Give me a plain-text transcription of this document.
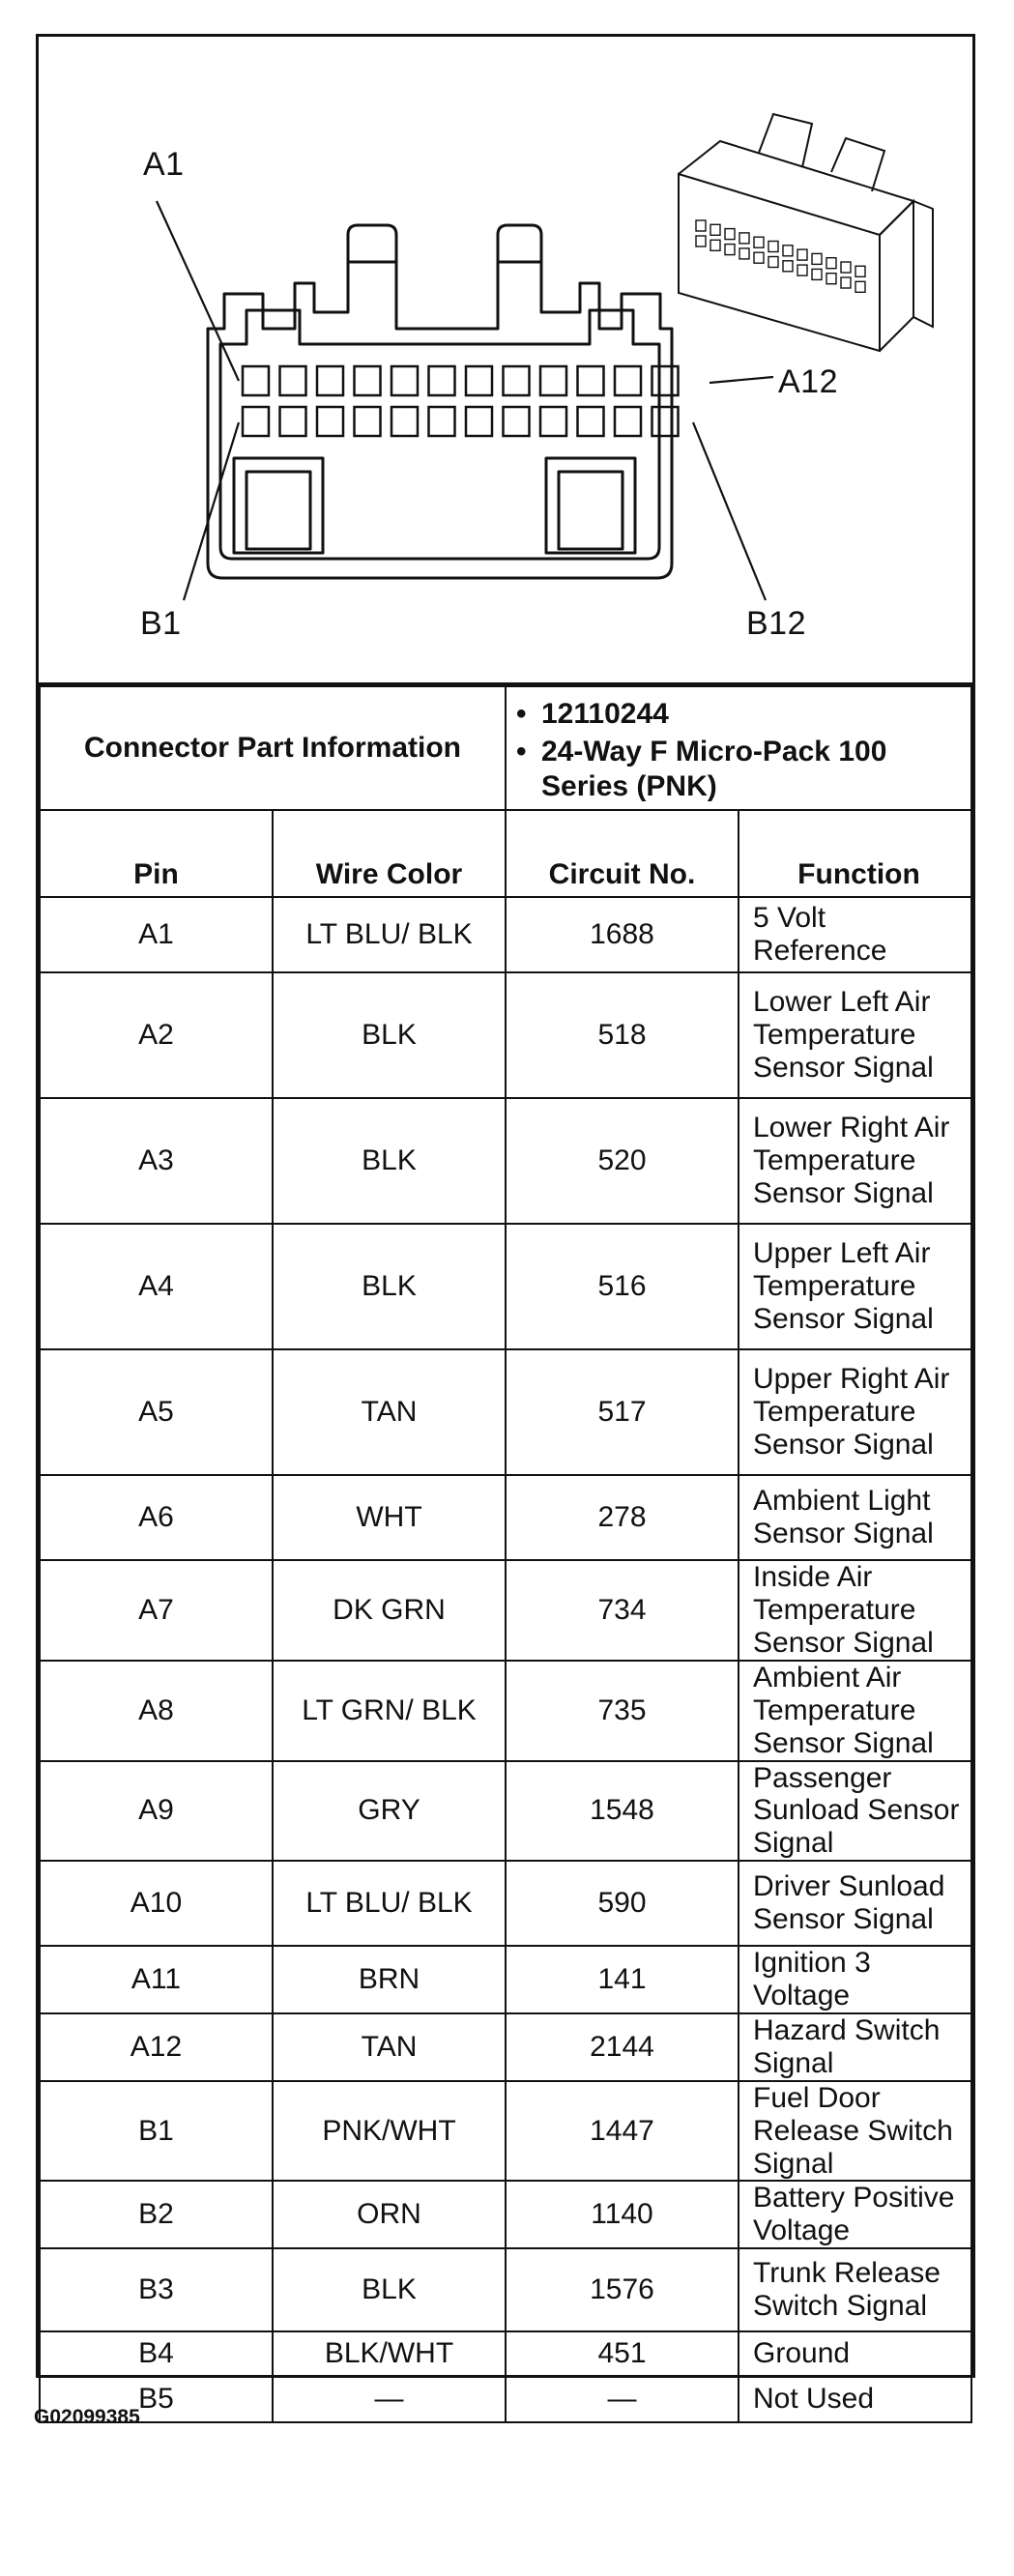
A1
A12
B1	B12
Connector Part Information		• 12110244
• 24-Way F Micro-Pack 100 Series (PNK)	

Pin	Wire Color	Circuit No.	Function
A1	LT BLU/ BLK	1688	5 Volt Reference
A2	BLK	518	Lower Left Air Temperature Sensor Signal
A3	BLK	520	Lower Right Air Temperature Sensor Signal
A4	BLK	516	Upper Left Air Temperature Sensor Signal
A5	TAN	517	Upper Right Air Temperature Sensor Signal
A6	WHT	278	Ambient Light Sensor Signal
A7	DK GRN	734	Inside Air Temperature Sensor Signal
A8	LT GRN/ BLK	735	Ambient Air Temperature Sensor Signal
A9	GRY	1548	Passenger Sunload Sensor Signal
A10	LT BLU/ BLK	590	Driver Sunload Sensor Signal
A11	BRN	141	Ignition 3 Voltage
A12	TAN	2144	Hazard Switch Signal
B1	PNK/WHT	1447	Fuel Door Release Switch Signal
B2	ORN	1140	Battery Positive Voltage
B3	BLK	1576	Trunk Release Switch Signal
B4	BLK/WHT	451	Ground
B5	—	—	Not Used
G02099385
